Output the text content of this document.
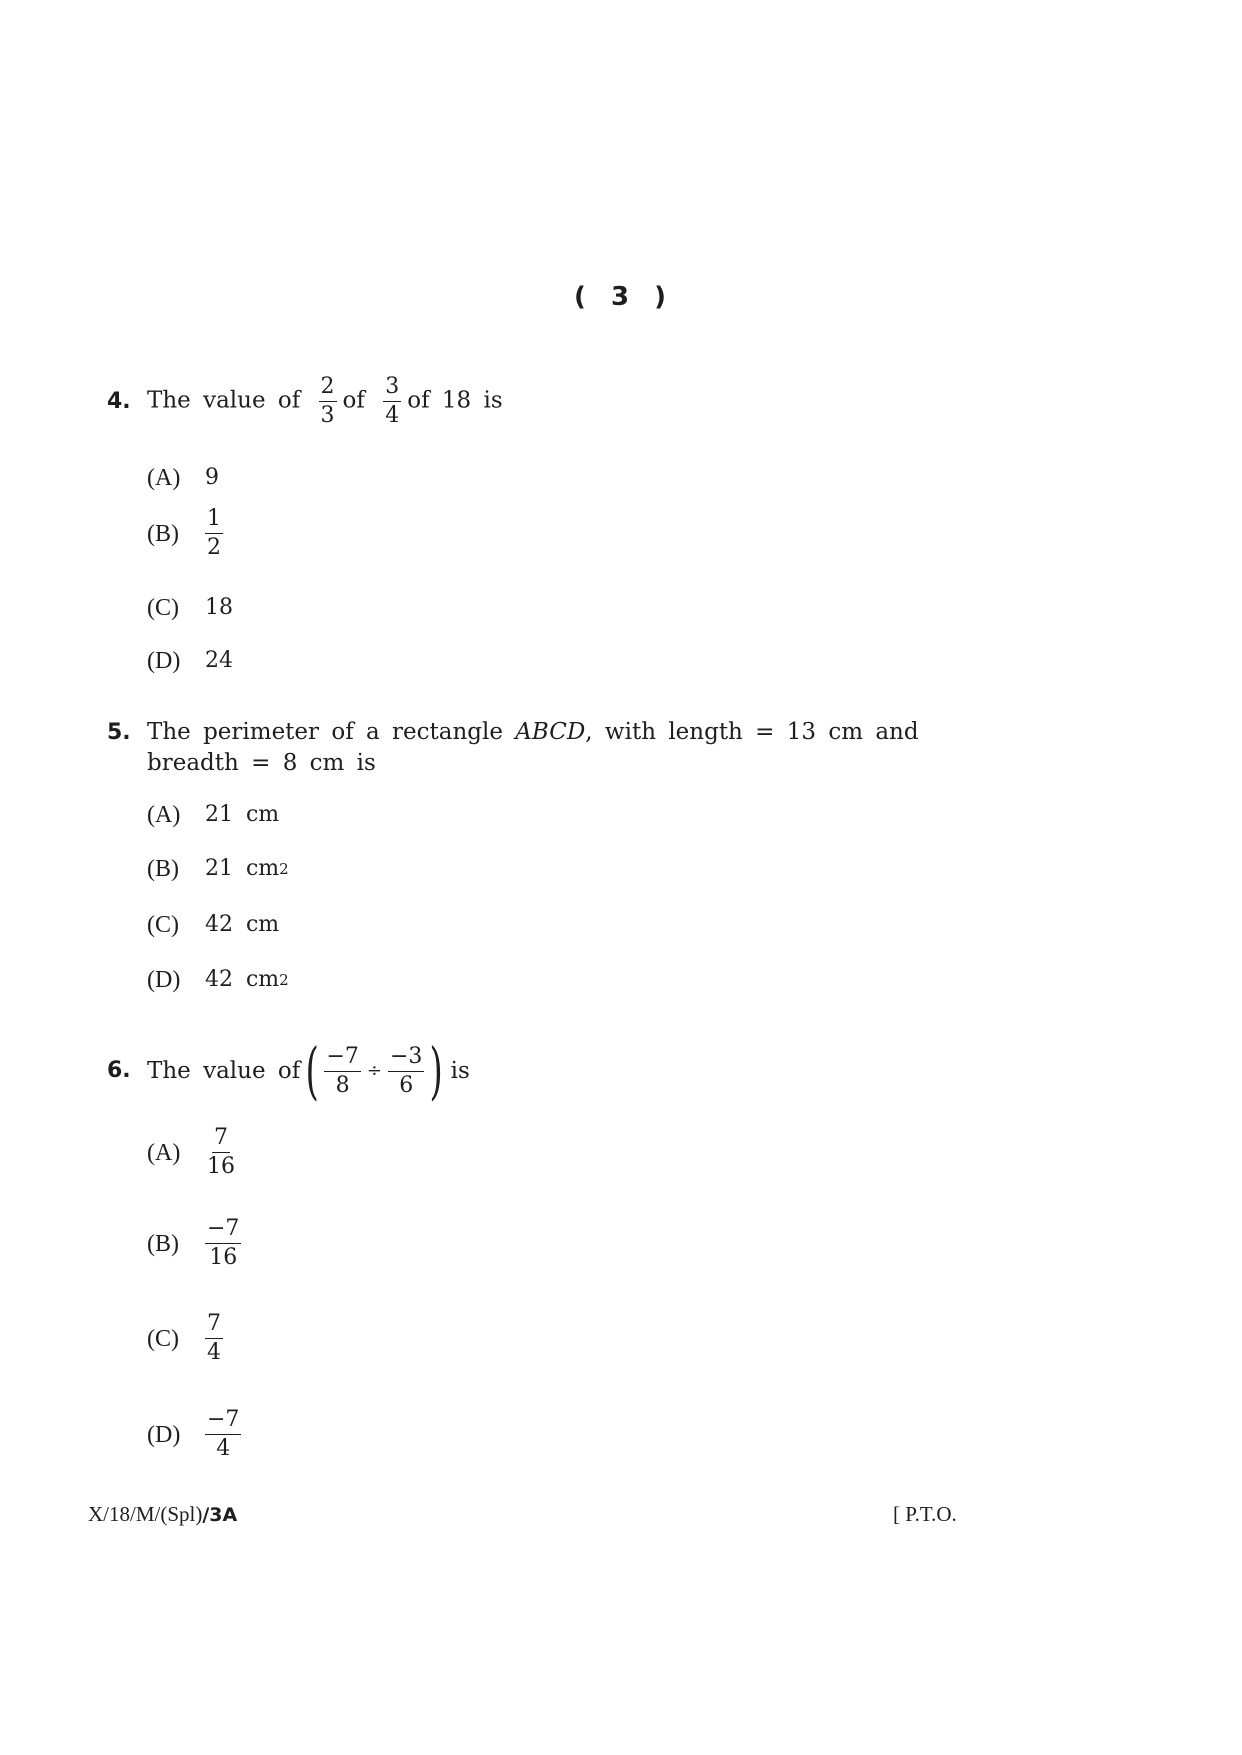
( 3 )
4. The value of $\frac{2}{3}$ of $\frac{3}{4}$ of 18 is
(A)	9
(B)	$\frac{1}{2}$
(C)	18
(D)	24
5. The perimeter of a rectangle ABCD, with length = 13 cm and
breadth = 8 cm is
(A)	21 cm
(B)	21 cm 2
(C)	42 cm
(D)	42 cm 2
6. The value of ( $\frac{-7}{8} \div \frac{-3}{6}$ ) is
(A)	$\frac{7}{16}$
(B)	$\frac{-7}{16}$
(C)	$\frac{7}{4}$
(D)	$\frac{-7}{4}$
X/18/M/(Spl)/3A	[ P.T.O.
